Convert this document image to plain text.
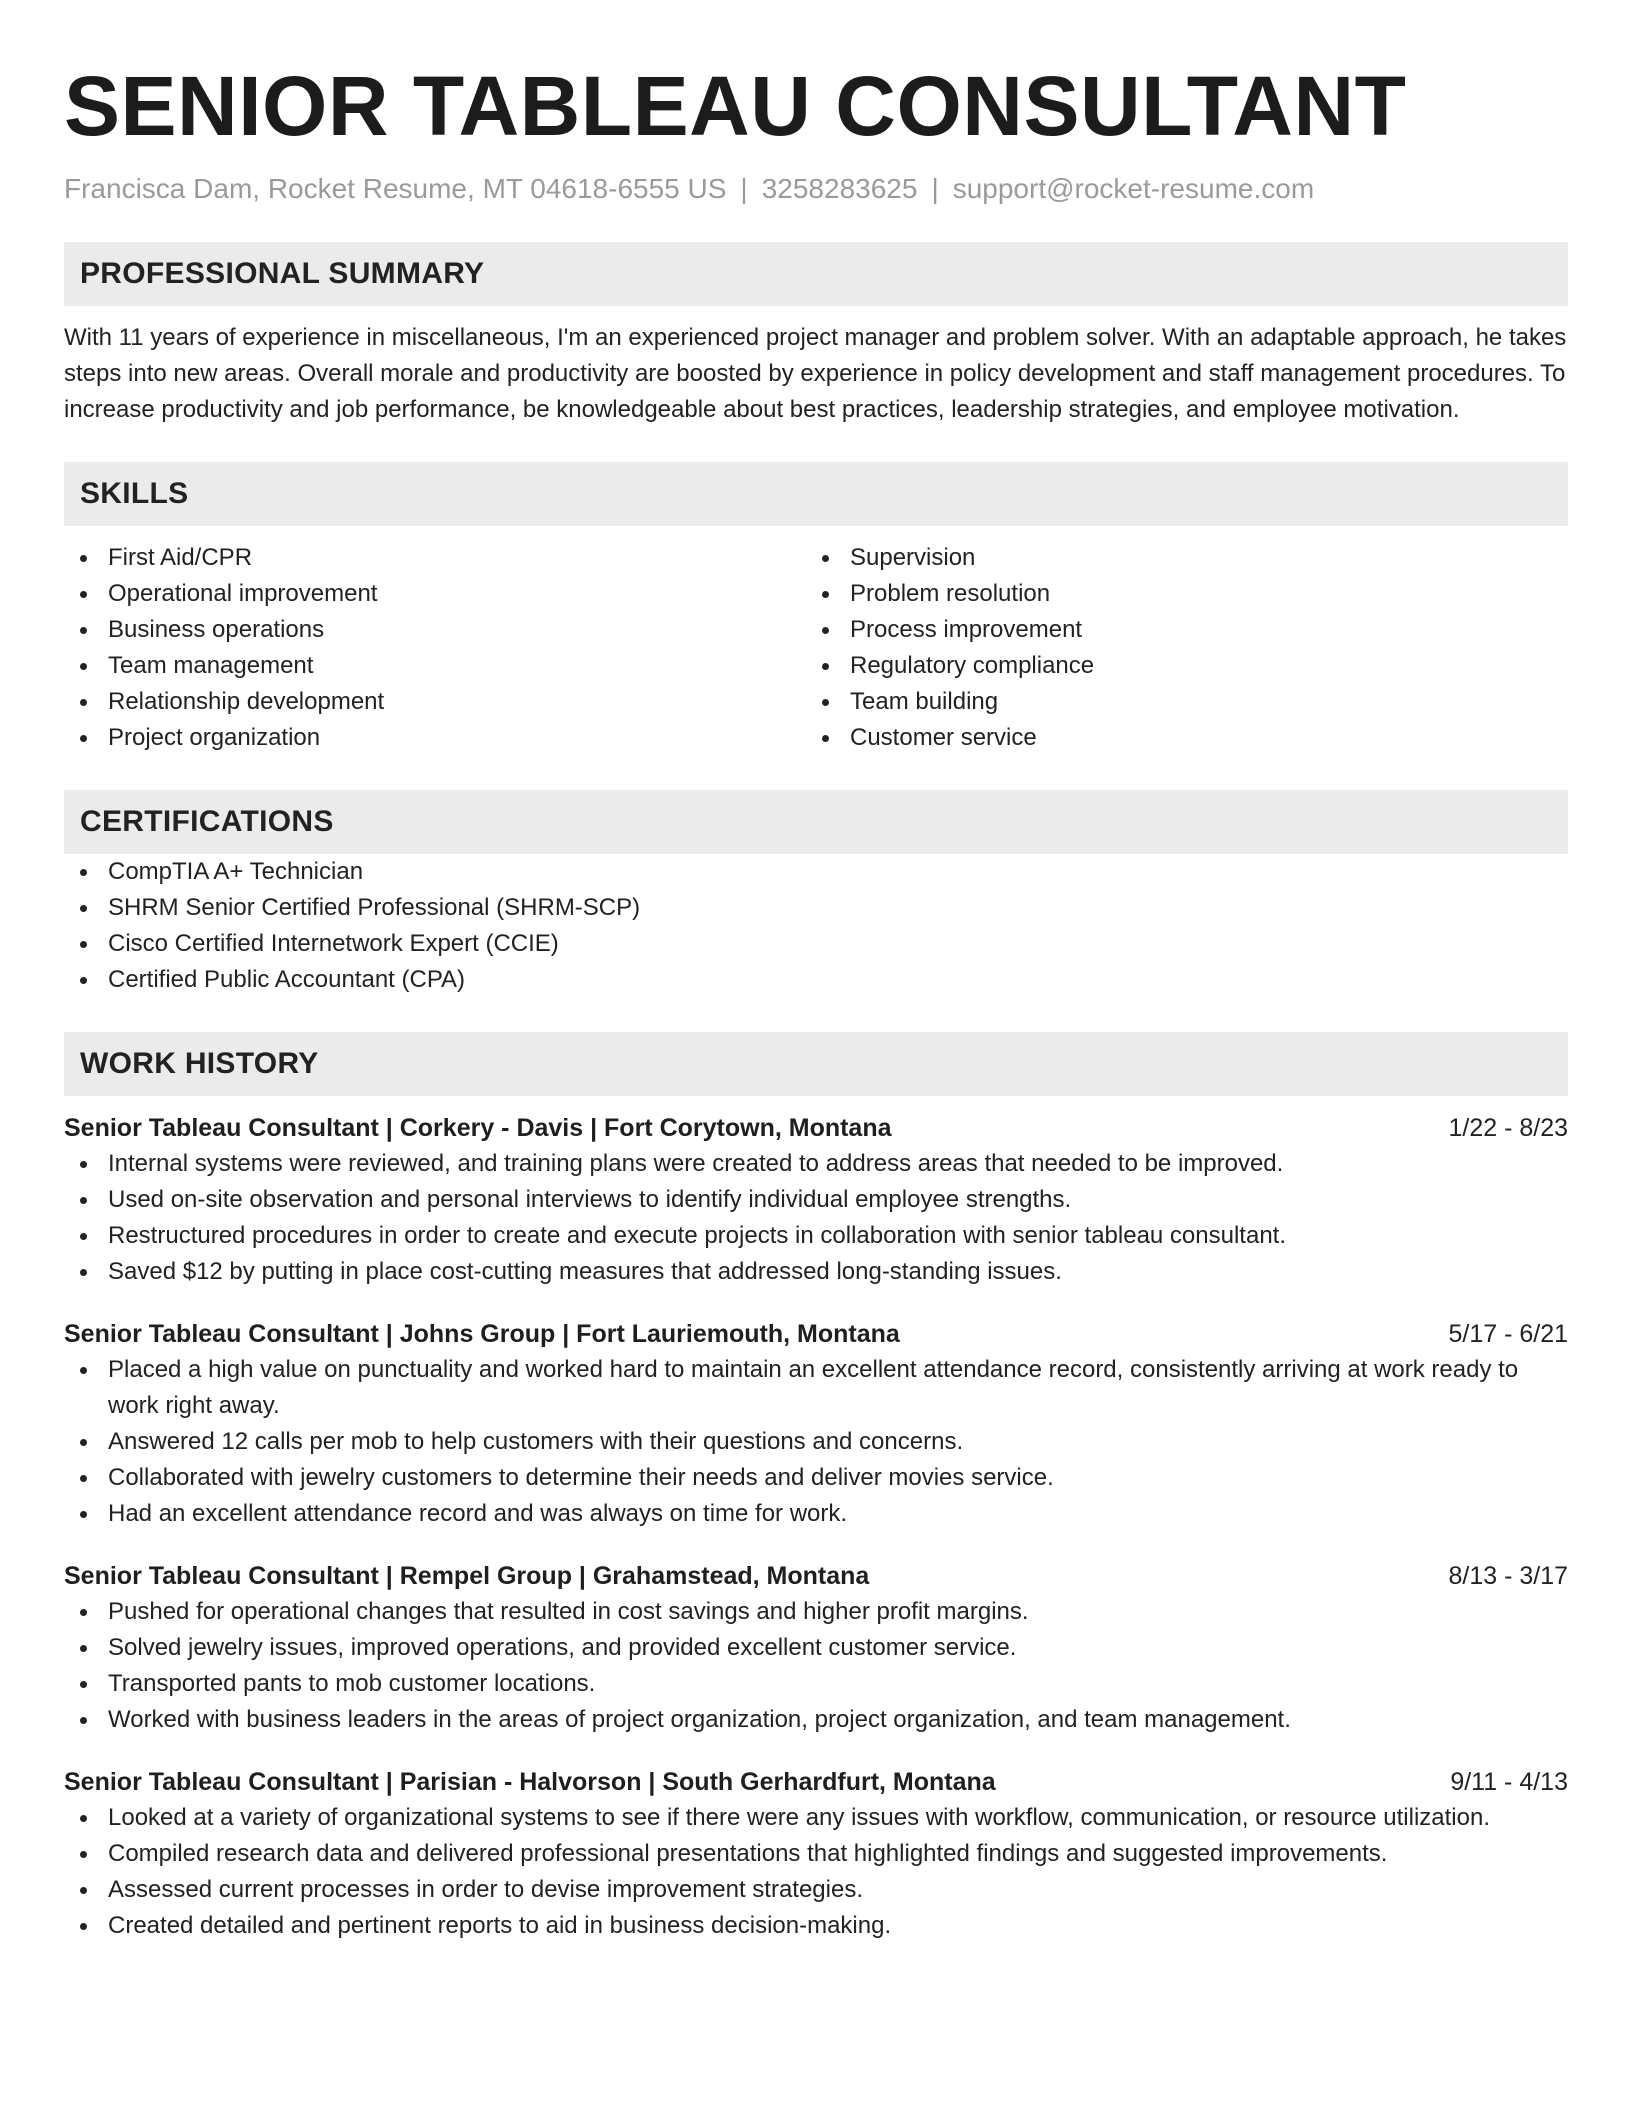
SENIOR TABLEAU CONSULTANT
Francisca Dam, Rocket Resume, MT 04618-6555 US | 3258283625 | support@rocket-resume.com
PROFESSIONAL SUMMARY
With 11 years of experience in miscellaneous, I'm an experienced project manager and problem solver. With an adaptable approach, he takes steps into new areas. Overall morale and productivity are boosted by experience in policy development and staff management procedures. To increase productivity and job performance, be knowledgeable about best practices, leadership strategies, and employee motivation.
SKILLS
First Aid/CPR
Operational improvement
Business operations
Team management
Relationship development
Project organization
Supervision
Problem resolution
Process improvement
Regulatory compliance
Team building
Customer service
CERTIFICATIONS
CompTIA A+ Technician
SHRM Senior Certified Professional (SHRM-SCP)
Cisco Certified Internetwork Expert (CCIE)
Certified Public Accountant (CPA)
WORK HISTORY
Senior Tableau Consultant | Corkery - Davis | Fort Corytown, Montana	1/22 - 8/23
Internal systems were reviewed, and training plans were created to address areas that needed to be improved.
Used on-site observation and personal interviews to identify individual employee strengths.
Restructured procedures in order to create and execute projects in collaboration with senior tableau consultant.
Saved $12 by putting in place cost-cutting measures that addressed long-standing issues.
Senior Tableau Consultant | Johns Group | Fort Lauriemouth, Montana	5/17 - 6/21
Placed a high value on punctuality and worked hard to maintain an excellent attendance record, consistently arriving at work ready to work right away.
Answered 12 calls per mob to help customers with their questions and concerns.
Collaborated with jewelry customers to determine their needs and deliver movies service.
Had an excellent attendance record and was always on time for work.
Senior Tableau Consultant | Rempel Group | Grahamstead, Montana	8/13 - 3/17
Pushed for operational changes that resulted in cost savings and higher profit margins.
Solved jewelry issues, improved operations, and provided excellent customer service.
Transported pants to mob customer locations.
Worked with business leaders in the areas of project organization, project organization, and team management.
Senior Tableau Consultant | Parisian - Halvorson | South Gerhardfurt, Montana	9/11 - 4/13
Looked at a variety of organizational systems to see if there were any issues with workflow, communication, or resource utilization.
Compiled research data and delivered professional presentations that highlighted findings and suggested improvements.
Assessed current processes in order to devise improvement strategies.
Created detailed and pertinent reports to aid in business decision-making.
